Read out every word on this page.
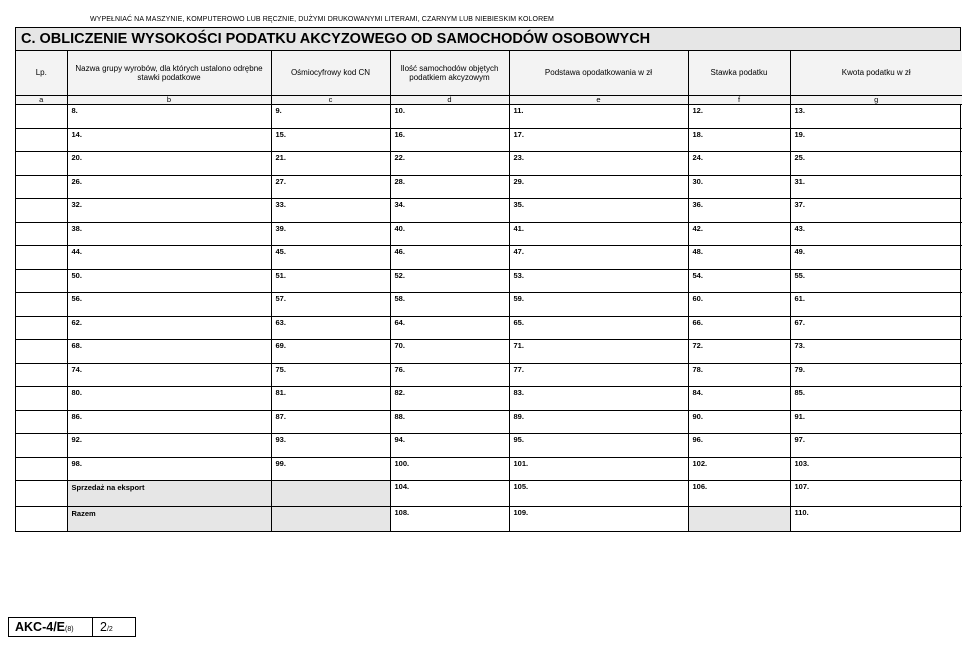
WYPEŁNIAĆ NA MASZYNIE, KOMPUTEROWO LUB RĘCZNIE, DUŻYMI DRUKOWANYMI LITERAMI, CZARNYM LUB NIEBIESKIM KOLOREM
C. OBLICZENIE WYSOKOŚCI PODATKU AKCYZOWEGO OD SAMOCHODÓW OSOBOWYCH
Lp.	Nazwa grupy wyrobów, dla których ustalono odrębne stawki podatkowe	Ośmiocyfrowy kod CN	Ilość samochodów objętych podatkiem akcyzowym	Podstawa opodatkowania w zł	Stawka podatku	Kwota podatku w zł
a	b	c	d	e	f	g

	8.	9.	10.	11.	12.	13.

	14.	15.	16.	17.	18.	19.

	20.	21.	22.	23.	24.	25.

	26.	27.	28.	29.	30.	31.

	32.	33.	34.	35.	36.	37.

	38.	39.	40.	41.	42.	43.

	44.	45.	46.	47.	48.	49.

	50.	51.	52.	53.	54.	55.

	56.	57.	58.	59.	60.	61.

	62.	63.	64.	65.	66.	67.

	68.	69.	70.	71.	72.	73.

	74.	75.	76.	77.	78.	79.

	80.	81.	82.	83.	84.	85.

	86.	87.	88.	89.	90.	91.

	92.	93.	94.	95.	96.	97.

	98.	99.	100.	101.	102.	103.

	Sprzedaż na eksport		104.	105.	106.	107.

	Razem		108.	109.		110.
AKC-4/E(8)	2/2
